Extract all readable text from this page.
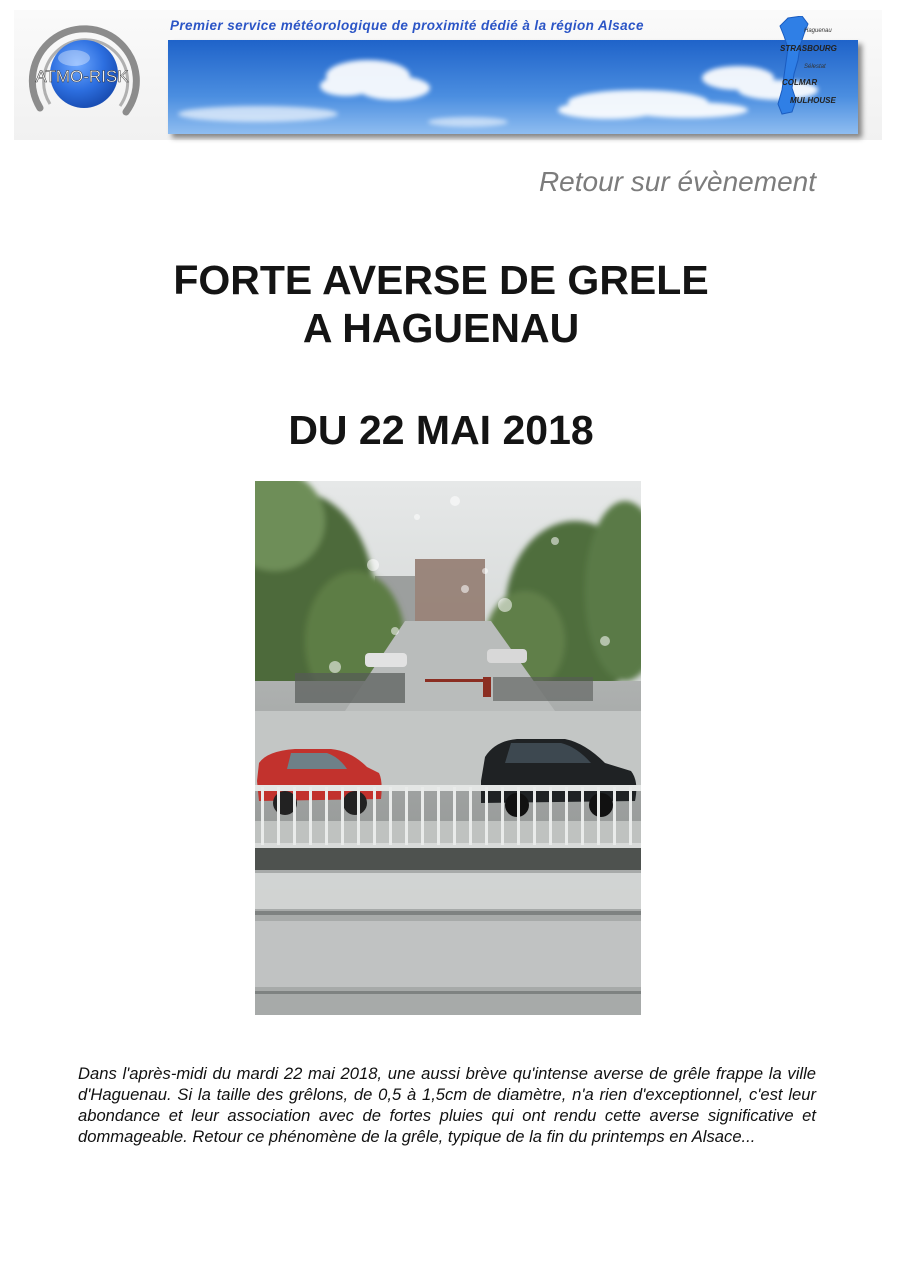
ATMO-RISK
Premier service météorologique de proximité dédié à la région Alsace	Haguenau
STRASBOURG
Sélestat
COLMAR
MULHOUSE
Retour sur évènement
FORTE AVERSE DE GRELE
A HAGUENAU
DU 22 MAI 2018
Dans l'après-midi du mardi 22 mai 2018, une aussi brève qu'intense averse de grêle frappe la ville d'Haguenau. Si la taille des grêlons, de 0,5 à 1,5cm de diamètre, n'a rien d'exceptionnel, c'est leur abondance et leur association avec de fortes pluies qui ont rendu cette averse significative et dommageable. Retour ce phénomène de la grêle, typique de la fin du printemps en Alsace...
